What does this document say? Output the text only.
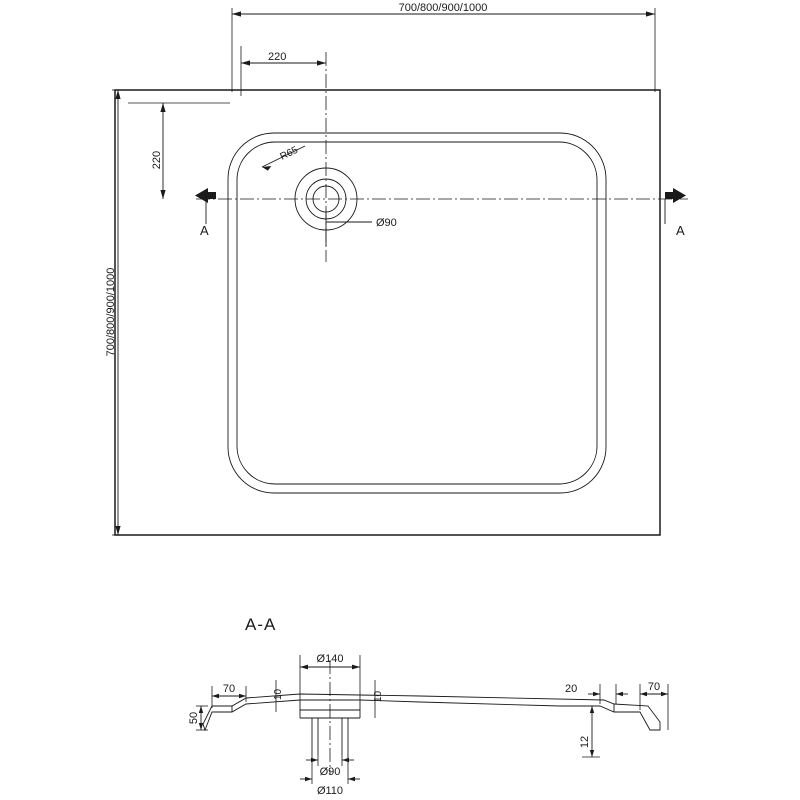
700/800/900/1000
220
220
700/800/900/1000
R65
Ø90
A	A
A-A
Ø140
70	10	10
50
20	70
12
Ø90
Ø110
